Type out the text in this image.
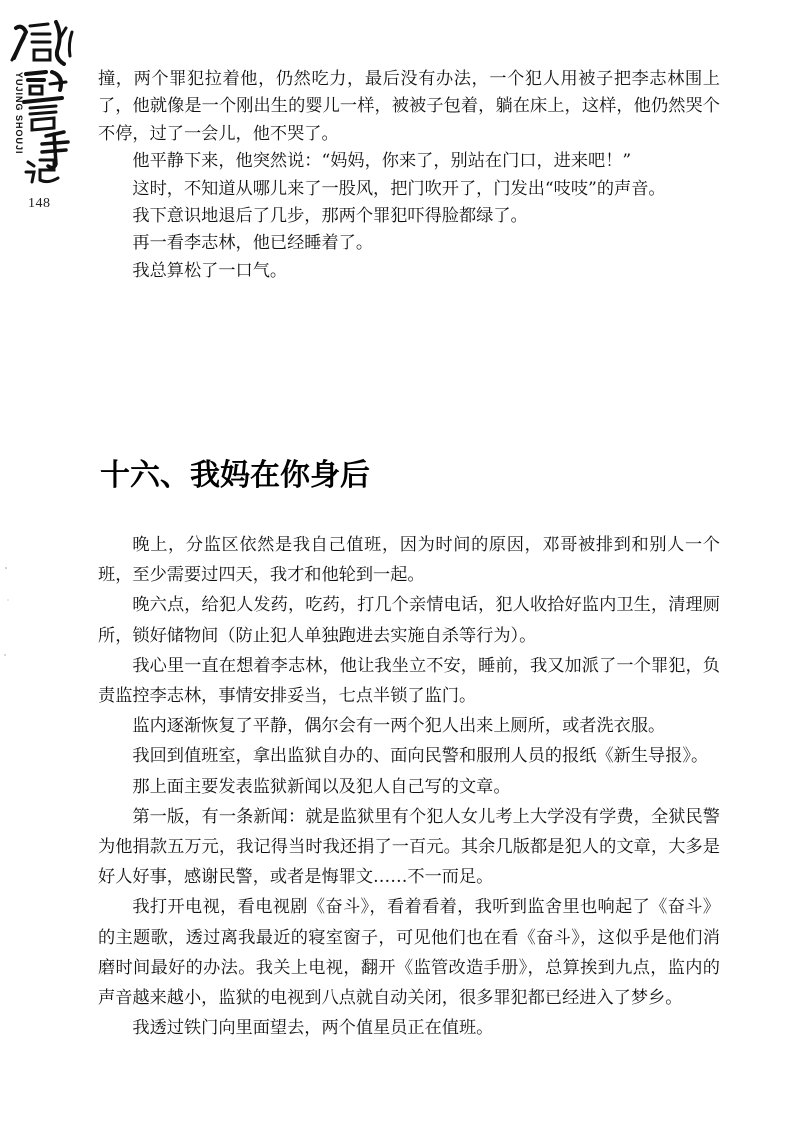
YUJING SHOUJI
148

撞，两个罪犯拉着他，仍然吃力，最后没有办法，一个犯人用被子把李志林围上了，他就像是一个刚出生的婴儿一样，被被子包着，躺在床上，这样，他仍然哭个不停，过了一会儿，他不哭了。

他平静下来，他突然说：“妈妈，你来了，别站在门口，进来吧！”

这时，不知道从哪儿来了一股风，把门吹开了，门发出“吱吱”的声音。

我下意识地退后了几步，那两个罪犯吓得脸都绿了。

再一看李志林，他已经睡着了。

我总算松了一口气。

十六、我妈在你身后

晚上，分监区依然是我自己值班，因为时间的原因，邓哥被排到和别人一个班，至少需要过四天，我才和他轮到一起。

晚六点，给犯人发药，吃药，打几个亲情电话，犯人收拾好监内卫生，清理厕所，锁好储物间（防止犯人单独跑进去实施自杀等行为）。

我心里一直在想着李志林，他让我坐立不安，睡前，我又加派了一个罪犯，负责监控李志林，事情安排妥当，七点半锁了监门。

监内逐渐恢复了平静，偶尔会有一两个犯人出来上厕所，或者洗衣服。

我回到值班室，拿出监狱自办的、面向民警和服刑人员的报纸《新生导报》。

那上面主要发表监狱新闻以及犯人自己写的文章。

第一版，有一条新闻：就是监狱里有个犯人女儿考上大学没有学费，全狱民警为他捐款五万元，我记得当时我还捐了一百元。其余几版都是犯人的文章，大多是好人好事，感谢民警，或者是悔罪文……不一而足。

我打开电视，看电视剧《奋斗》，看着看着，我听到监舍里也响起了《奋斗》的主题歌，透过离我最近的寝室窗子，可见他们也在看《奋斗》，这似乎是他们消磨时间最好的办法。我关上电视，翻开《监管改造手册》，总算挨到九点，监内的声音越来越小，监狱的电视到八点就自动关闭，很多罪犯都已经进入了梦乡。

我透过铁门向里面望去，两个值星员正在值班。
